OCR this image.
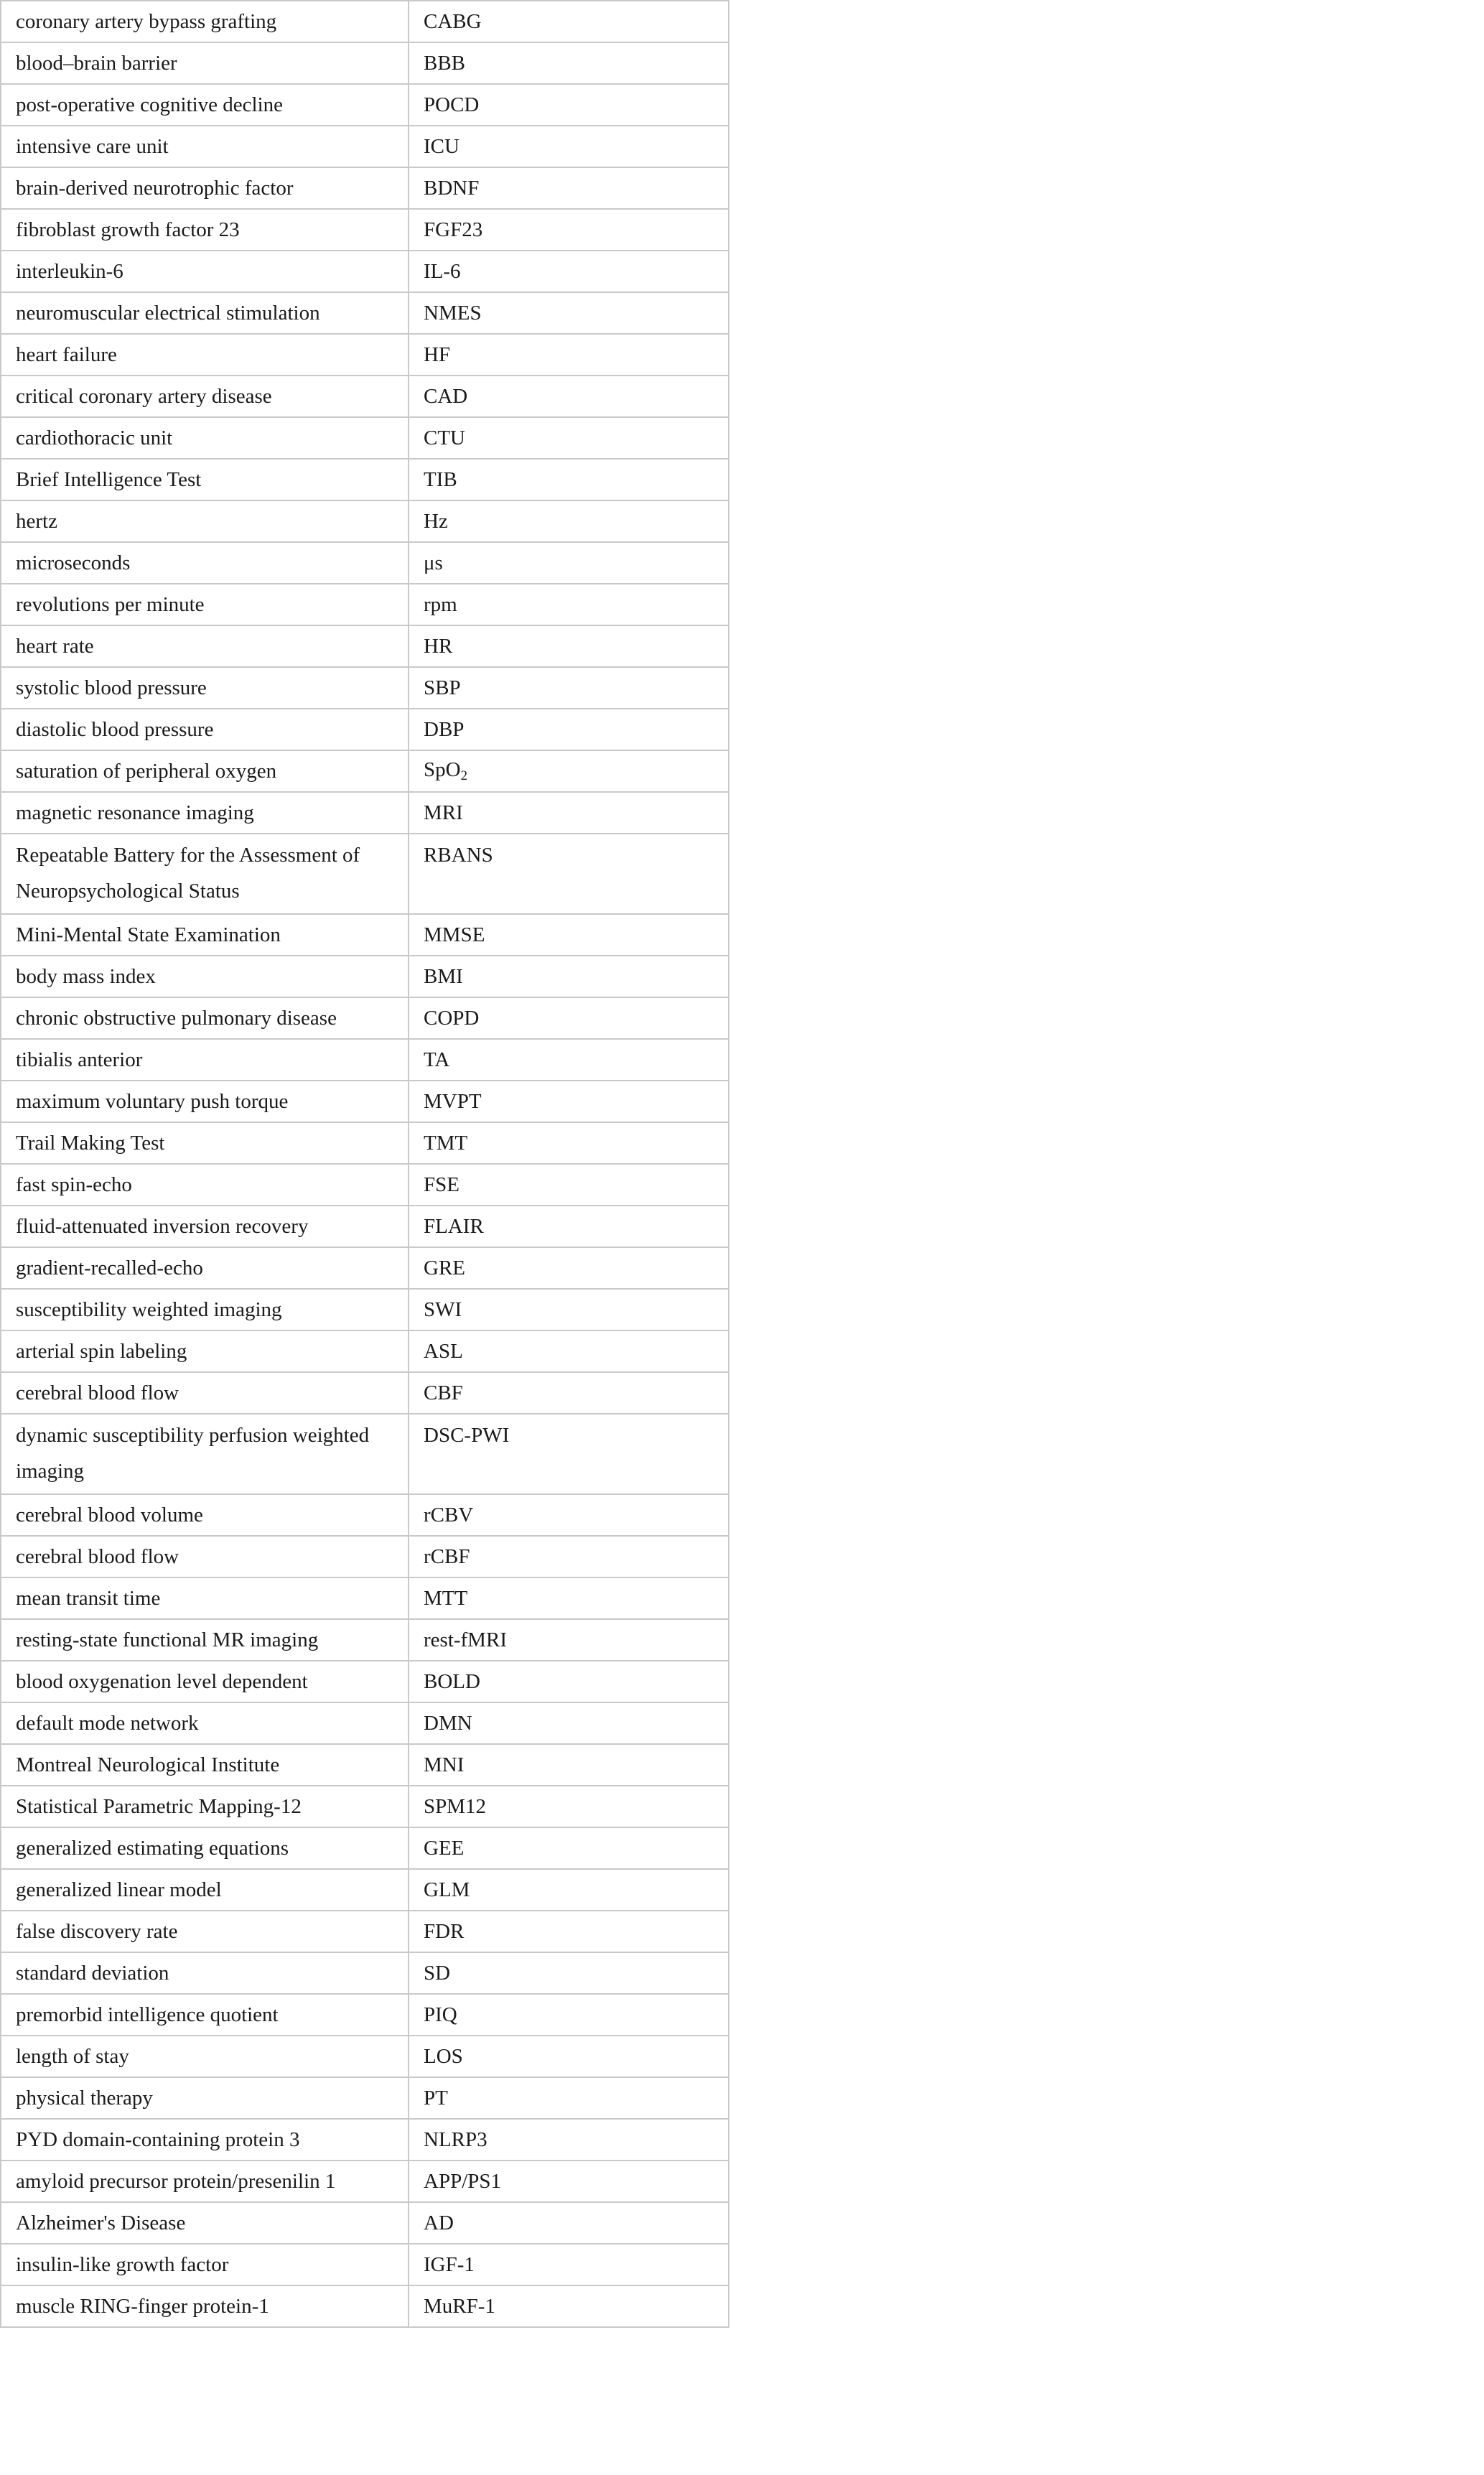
coronary artery bypass grafting	CABG
blood–brain barrier	BBB
post-operative cognitive decline	POCD
intensive care unit	ICU
brain-derived neurotrophic factor	BDNF
fibroblast growth factor 23	FGF23
interleukin-6	IL-6
neuromuscular electrical stimulation	NMES
heart failure	HF
critical coronary artery disease	CAD
cardiothoracic unit	CTU
Brief Intelligence Test	TIB
hertz	Hz
microseconds	μs
revolutions per minute	rpm
heart rate	HR
systolic blood pressure	SBP
diastolic blood pressure	DBP
saturation of peripheral oxygen	SpO$_2$
magnetic resonance imaging	MRI
Repeatable Battery for the Assessment of Neuropsychological Status	RBANS
Mini-Mental State Examination	MMSE
body mass index	BMI
chronic obstructive pulmonary disease	COPD
tibialis anterior	TA
maximum voluntary push torque	MVPT
Trail Making Test	TMT
fast spin-echo	FSE
fluid-attenuated inversion recovery	FLAIR
gradient-recalled-echo	GRE
susceptibility weighted imaging	SWI
arterial spin labeling	ASL
cerebral blood flow	CBF
dynamic susceptibility perfusion weighted imaging	DSC-PWI
cerebral blood volume	rCBV
cerebral blood flow	rCBF
mean transit time	MTT
resting-state functional MR imaging	rest-fMRI
blood oxygenation level dependent	BOLD
default mode network	DMN
Montreal Neurological Institute	MNI
Statistical Parametric Mapping-12	SPM12
generalized estimating equations	GEE
generalized linear model	GLM
false discovery rate	FDR
standard deviation	SD
premorbid intelligence quotient	PIQ
length of stay	LOS
physical therapy	PT
PYD domain-containing protein 3	NLRP3
amyloid precursor protein/presenilin 1	APP/PS1
Alzheimer's Disease	AD
insulin-like growth factor	IGF-1
muscle RING-finger protein-1	MuRF-1
